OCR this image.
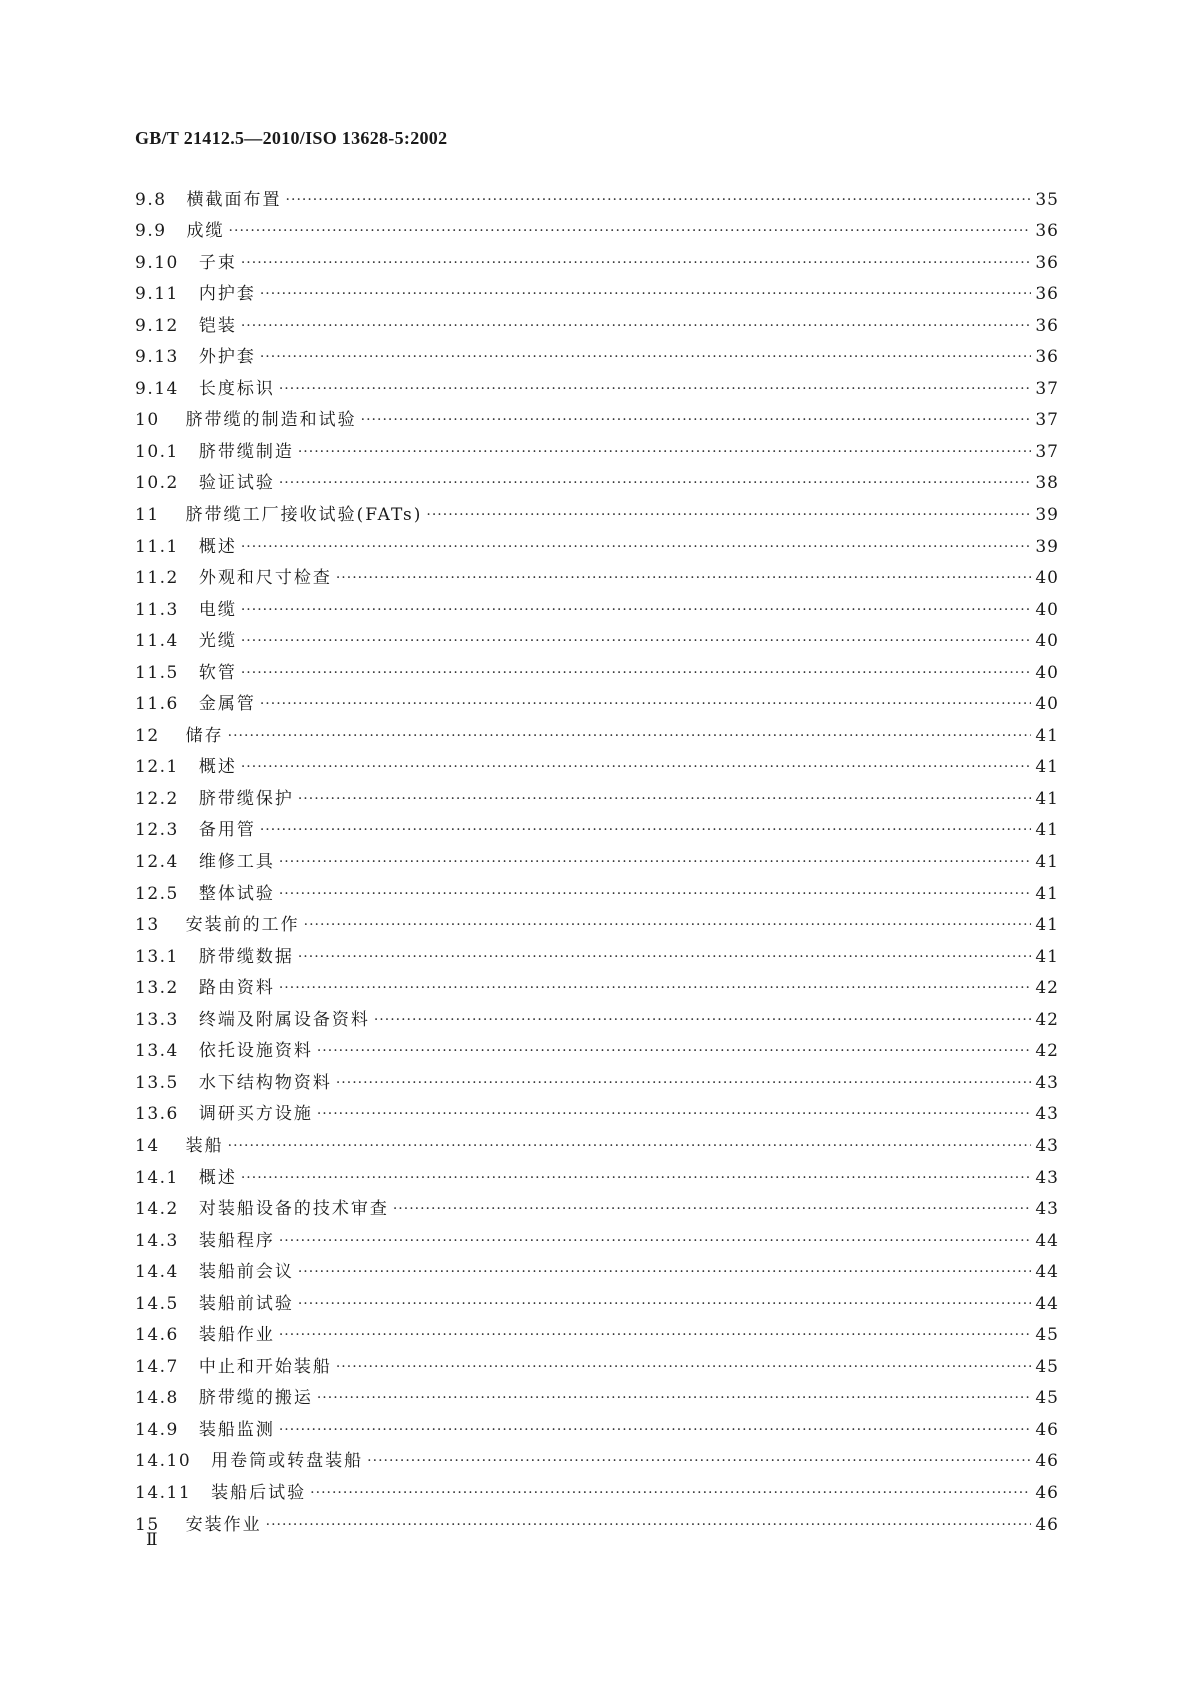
GB/T 21412.5—2010/ISO 13628-5:2002
9.8 横截面布置 ·····	35
9.9 成缆 ·····	36
9.10 子束 ·····	36
9.11 内护套 ·····	36
9.12 铠装 ·····	36
9.13 外护套 ·····	36
9.14 长度标识 ·····	37
10 脐带缆的制造和试验 ·····	37
10.1 脐带缆制造 ·····	37
10.2 验证试验 ·····	38
11 脐带缆工厂接收试验(FATs) ·····	39
11.1 概述 ·····	39
11.2 外观和尺寸检查 ·····	40
11.3 电缆 ·····	40
11.4 光缆 ·····	40
11.5 软管 ·····	40
11.6 金属管 ·····	40
12 储存 ·····	41
12.1 概述 ·····	41
12.2 脐带缆保护 ·····	41
12.3 备用管 ·····	41
12.4 维修工具 ·····	41
12.5 整体试验 ·····	41
13 安装前的工作 ·····	41
13.1 脐带缆数据 ·····	41
13.2 路由资料 ·····	42
13.3 终端及附属设备资料 ·····	42
13.4 依托设施资料 ·····	42
13.5 水下结构物资料 ·····	43
13.6 调研买方设施 ·····	43
14 装船 ·····	43
14.1 概述 ·····	43
14.2 对装船设备的技术审查 ·····	43
14.3 装船程序 ·····	44
14.4 装船前会议 ·····	44
14.5 装船前试验 ·····	44
14.6 装船作业 ·····	45
14.7 中止和开始装船 ·····	45
14.8 脐带缆的搬运 ·····	45
14.9 装船监测 ·····	46
14.10 用卷筒或转盘装船 ·····	46
14.11 装船后试验 ·····	46
15 安装作业 ·····	46
Ⅱ
